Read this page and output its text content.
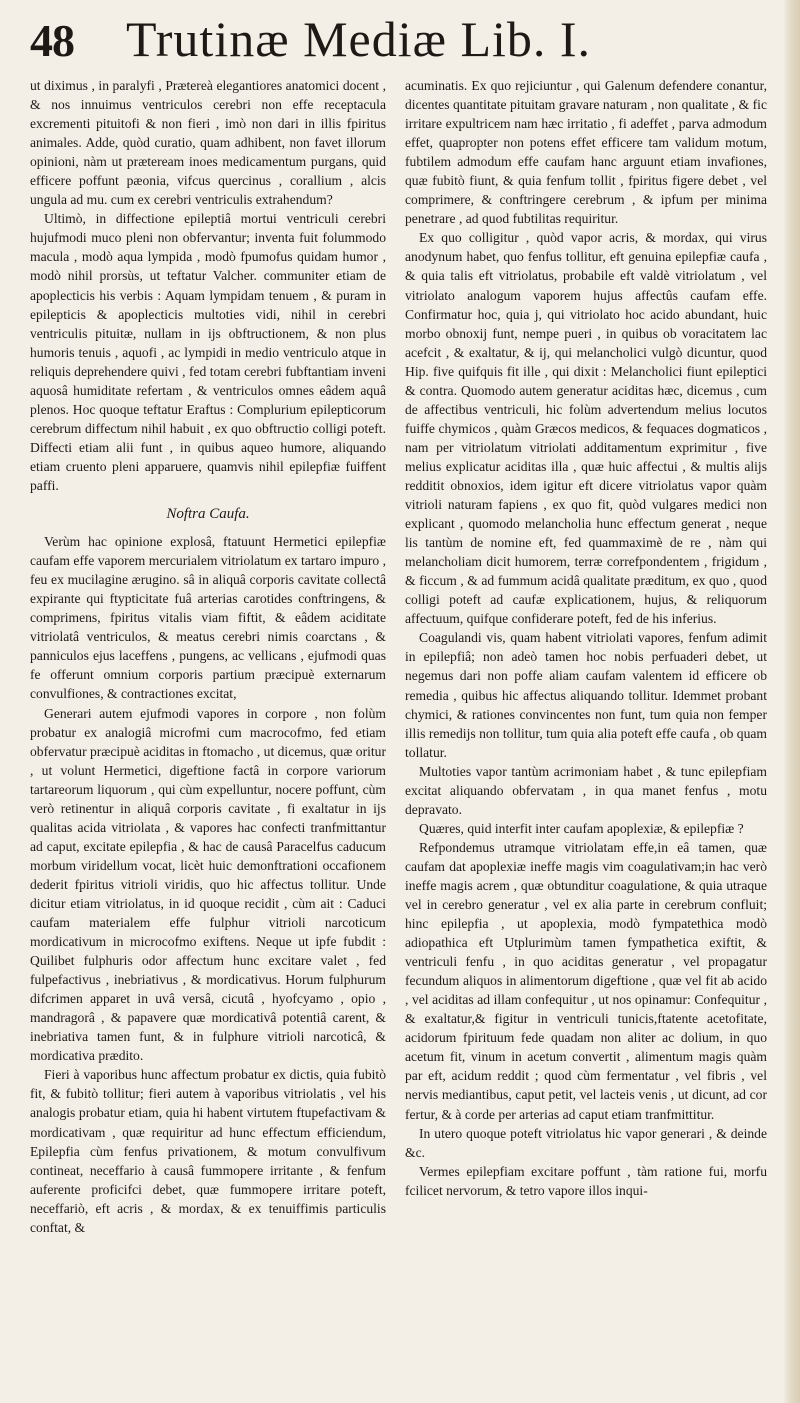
48 Trutinæ Mediæ Lib. I.

ut diximus , in paralyfi , Prætereà elegantiores anatomici docent , & nos innuimus ventriculos cerebri non effe receptacula excrementi pituitofi & non fieri , imò non dari in illis fpiritus animales. Adde, quòd curatio, quam adhibent, non favet illorum opinioni, nàm ut præteream inoes medicamentum purgans, quid efficere poffunt pæonia, vifcus quercinus , corallium , alcis ungula ad mu. cum ex cerebri ventriculis extrahendum?

Ultimò, in diffectione epileptiâ mortui ventriculi cerebri hujufmodi muco pleni non obfervantur; inventa fuit folummodo macula , modò aqua lympida , modò fpumofus quidam humor , modò nihil prorsùs, ut teftatur Valcher. communiter etiam de apoplecticis his verbis : Aquam lympidam tenuem , & puram in epilepticis & apoplecticis multoties vidi, nihil in cerebri ventriculis pituitæ, nullam in ijs obftructionem, & non plus humoris tenuis , aquofi , ac lympidi in medio ventriculo atque in reliquis deprehendere quivi , fed totam cerebri fubftantiam inveni aquosâ humiditate refertam , & ventriculos omnes eâdem aquâ plenos. Hoc quoque teftatur Eraftus : Complurium epilepticorum cerebrum diffectum nihil habuit , ex quo obftructio colligi poteft. Diffecti etiam alii funt , in quibus aqueo humore, aliquando etiam cruento pleni apparuere, quamvis nihil epilepfiæ fuiffent paffi.

Noftra Caufa.

Verùm hac opinione explosâ, ftatuunt Hermetici epilepfiæ caufam effe vaporem mercurialem vitriolatum ex tartaro impuro , feu ex mucilagine ærugino. sâ in aliquâ corporis cavitate collectâ expirante qui ftypticitate fuâ arterias carotides conftringens, & comprimens, fpiritus vitalis viam fiftit, & eâdem aciditate vitriolatâ ventriculos, & meatus cerebri nimis coarctans , & panniculos ejus laceffens , pungens, ac vellicans , ejufmodi quas fe offerunt omnium corporis partium præcipuè externarum convulfiones, & contractiones excitat,

Generari autem ejufmodi vapores in corpore , non folùm probatur ex analogiâ microfmi cum macrocofmo, fed etiam obfervatur præcipuè aciditas in ftomacho , ut dicemus, quæ oritur , ut volunt Hermetici, digeftione factâ in corpore variorum tartareorum liquorum , qui cùm expelluntur, nocere poffunt, cùm verò retinentur in aliquâ corporis cavitate , fi exaltatur in ijs qualitas acida vitriolata , & vapores hac confecti tranfmittantur ad caput, excitate epilepfia , & hac de causâ Paracelfus caducum morbum viridellum vocat, licèt huic demonftrationi occafionem dederit fpiritus vitrioli viridis, quo hic affectus tollitur. Unde dicitur etiam vitriolatus, in id quoque recidit , cùm ait : Caduci caufam materialem effe fulphur vitrioli narcoticum mordicativum in microcofmo exiftens. Neque ut ipfe fubdit : Quilibet fulphuris odor affectum hunc excitare valet , fed fulpefactivus , inebriativus , & mordicativus. Horum fulphurum difcrimen apparet in uvâ versâ, cicutâ , hyofcyamo , opio , mandragorâ , & papavere quæ mordicativâ potentiâ carent, & inebriativa tamen funt, & in fulphure vitrioli narcoticâ, & mordicativa prædito.

Fieri à vaporibus hunc affectum probatur ex dictis, quia fubitò fit, & fubitò tollitur; fieri autem à vaporibus vitriolatis , vel his analogis probatur etiam, quia hi habent virtutem ftupefactivam & mordicativam , quæ requiritur ad hunc effectum efficiendum, Epilepfia cùm fenfus privationem, & motum convulfivum contineat, neceffario à causâ fummopere irritante , & fenfum auferente proficifci debet, quæ fummopere irritare poteft, neceffariò, eft acris , & mordax, & ex tenuiffimis particulis conftat, &

acuminatis. Ex quo rejiciuntur , qui Galenum defendere conantur, dicentes quantitate pituitam gravare naturam , non qualitate , & fic irritare expultricem nam hæc irritatio , fi adeffet , parva admodum effet, quapropter non potens effet efficere tam validum motum, fubtilem admodum effe caufam hanc arguunt etiam invafiones, quæ fubitò fiunt, & quia fenfum tollit , fpiritus figere debet , vel comprimere, & conftringere cerebrum , & ipfum per minima penetrare , ad quod fubtilitas requiritur.

Ex quo colligitur , quòd vapor acris, & mordax, qui virus anodynum habet, quo fenfus tollitur, eft genuina epilepfiæ caufa , & quia talis eft vitriolatus, probabile eft valdè vitriolatum , vel vitriolato analogum vaporem hujus affectûs caufam effe. Confirmatur hoc, quia j, qui vitriolato hoc acido abundant, huic morbo obnoxij funt, nempe pueri , in quibus ob voracitatem lac acefcit , & exaltatur, & ij, qui melancholici vulgò dicuntur, quod Hip. five quifquis fit ille , qui dixit : Melancholici fiunt epileptici & contra. Quomodo autem generatur aciditas hæc, dicemus , cum de affectibus ventriculi, hic folùm advertendum melius locutos fuiffe chymicos , quàm Græcos medicos, & fequaces dogmaticos , nam per vitriolatum vitriolati additamentum exprimitur , five melius explicatur aciditas illa , quæ huic affectui , & multis alijs redditit obnoxios, idem igitur eft dicere vitriolatus vapor quàm vitrioli naturam fapiens , ex quo fit, quòd vulgares medici non explicant , quomodo melancholia hunc effectum generat , neque lis tantùm de nomine eft, fed quammaximè de re , nàm qui melancholiam dicit humorem, terræ correfpondentem , frigidum , & ficcum , & ad fummum acidâ qualitate præditum, ex quo , quod colligi poteft ad caufæ explicationem, hujus, & reliquorum affectuum, quifque confiderare poteft, fed de his inferius.

Coagulandi vis, quam habent vitriolati vapores, fenfum adimit in epilepfiâ; non adeò tamen hoc nobis perfuaderi debet, ut negemus dari non poffe aliam caufam valentem id efficere ob remedia , quibus hic affectus aliquando tollitur. Idemmet probant chymici, & rationes convincentes non funt, tum quia non femper illis remedijs non tollitur, tum quia alia poteft effe caufa , ob quam tollatur.

Multoties vapor tantùm acrimoniam habet , & tunc epilepfiam excitat aliquando obfervatam , in qua manet fenfus , motu depravato.

Quæres, quid interfit inter caufam apoplexiæ, & epilepfiæ ?

Refpondemus utramque vitriolatam effe,in eâ tamen, quæ caufam dat apoplexiæ ineffe magis vim coagulativam;in hac verò ineffe magis acrem , quæ obtunditur coagulatione, & quia utraque vel in cerebro generatur , vel ex alia parte in cerebrum confluit; hinc epilepfia , ut apoplexia, modò fympatethica modò adiopathica eft Utplurimùm tamen fympathetica exiftit, & ventriculi fenfu , in quo aciditas generatur , vel propagatur fecundum aliquos in alimentorum digeftione , quæ vel fit ab acido , vel aciditas ad illam confequitur , ut nos opinamur: Confequitur , & exaltatur,& figitur in ventriculi tunicis,ftatente acetofitate, acidorum fpirituum fede quadam non aliter ac dolium, in quo acetum fit, vinum in acetum convertit , alimentum magis quàm par eft, acidum reddit ; quod cùm fermentatur , vel fibris , vel nervis mediantibus, caput petit, vel lacteis venis , ut dicunt, ad cor fertur, & à corde per arterias ad caput etiam tranfmittitur.

In utero quoque poteft vitriolatus hic vapor generari , & deinde &c.

Vermes epilepfiam excitare poffunt , tàm ratione fui, morfu fcilicet nervorum, & tetro vapore illos inqui-
